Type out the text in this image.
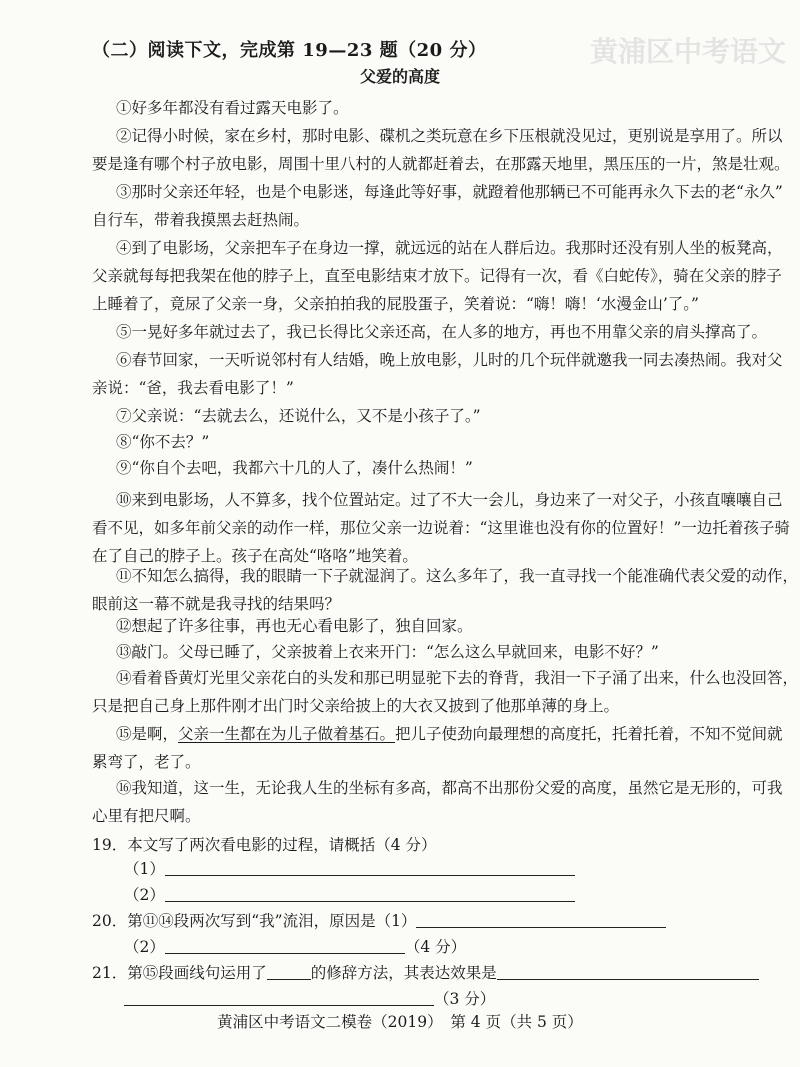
黄浦区中考语文
（二）阅读下文，完成第 19—23 题（20 分）
父爱的高度
①好多年都没有看过露天电影了。
②记得小时候，家在乡村，那时电影、碟机之类玩意在乡下压根就没见过，更别说是享用了。所以
要是逢有哪个村子放电影，周围十里八村的人就都赶着去，在那露天地里，黑压压的一片，煞是壮观。
③那时父亲还年轻，也是个电影迷，每逢此等好事，就蹬着他那辆已不可能再永久下去的老“永久”
自行车，带着我摸黑去赶热闹。
④到了电影场，父亲把车子在身边一撑，就远远的站在人群后边。我那时还没有别人坐的板凳高，
父亲就每每把我架在他的脖子上，直至电影结束才放下。记得有一次，看《白蛇传》，骑在父亲的脖子
上睡着了，竟尿了父亲一身，父亲拍拍我的屁股蛋子，笑着说：“嗨！嗨！‘水漫金山’了。”
⑤一晃好多年就过去了，我已长得比父亲还高，在人多的地方，再也不用靠父亲的肩头撑高了。
⑥春节回家，一天听说邻村有人结婚，晚上放电影，儿时的几个玩伴就邀我一同去凑热闹。我对父
亲说：“爸，我去看电影了！”
⑦父亲说：“去就去么，还说什么，又不是小孩子了。”
⑧“你不去？”
⑨“你自个去吧，我都六十几的人了，凑什么热闹！”
⑩来到电影场，人不算多，找个位置站定。过了不大一会儿，身边来了一对父子，小孩直嚷嚷自己
看不见，如多年前父亲的动作一样，那位父亲一边说着：“这里谁也没有你的位置好！”一边托着孩子骑
在了自己的脖子上。孩子在高处“咯咯”地笑着。
⑪不知怎么搞得，我的眼睛一下子就湿润了。这么多年了，我一直寻找一个能准确代表父爱的动作，
眼前这一幕不就是我寻找的结果吗？
⑫想起了许多往事，再也无心看电影了，独自回家。
⑬敲门。父母已睡了，父亲披着上衣来开门：“怎么这么早就回来，电影不好？”
⑭看着昏黄灯光里父亲花白的头发和那已明显驼下去的脊背，我泪一下子涌了出来，什么也没回答，
只是把自己身上那件刚才出门时父亲给披上的大衣又披到了他那单薄的身上。
⑮是啊，父亲一生都在为儿子做着基石。把儿子使劲向最理想的高度托，托着托着，不知不觉间就
累弯了，老了。
⑯我知道，这一生，无论我人生的坐标有多高，都高不出那份父爱的高度，虽然它是无形的，可我
心里有把尺啊。
19．本文写了两次看电影的过程，请概括（4 分）
（1）
（2）
20．第⑪⑭段两次写到“我”流泪，原因是（1）
（2）	（4 分）
21．第⑮段画线句运用了	的修辞方法，其表达效果是
（3 分）
黄浦区中考语文二模卷（2019）　第 4 页（共 5 页）
